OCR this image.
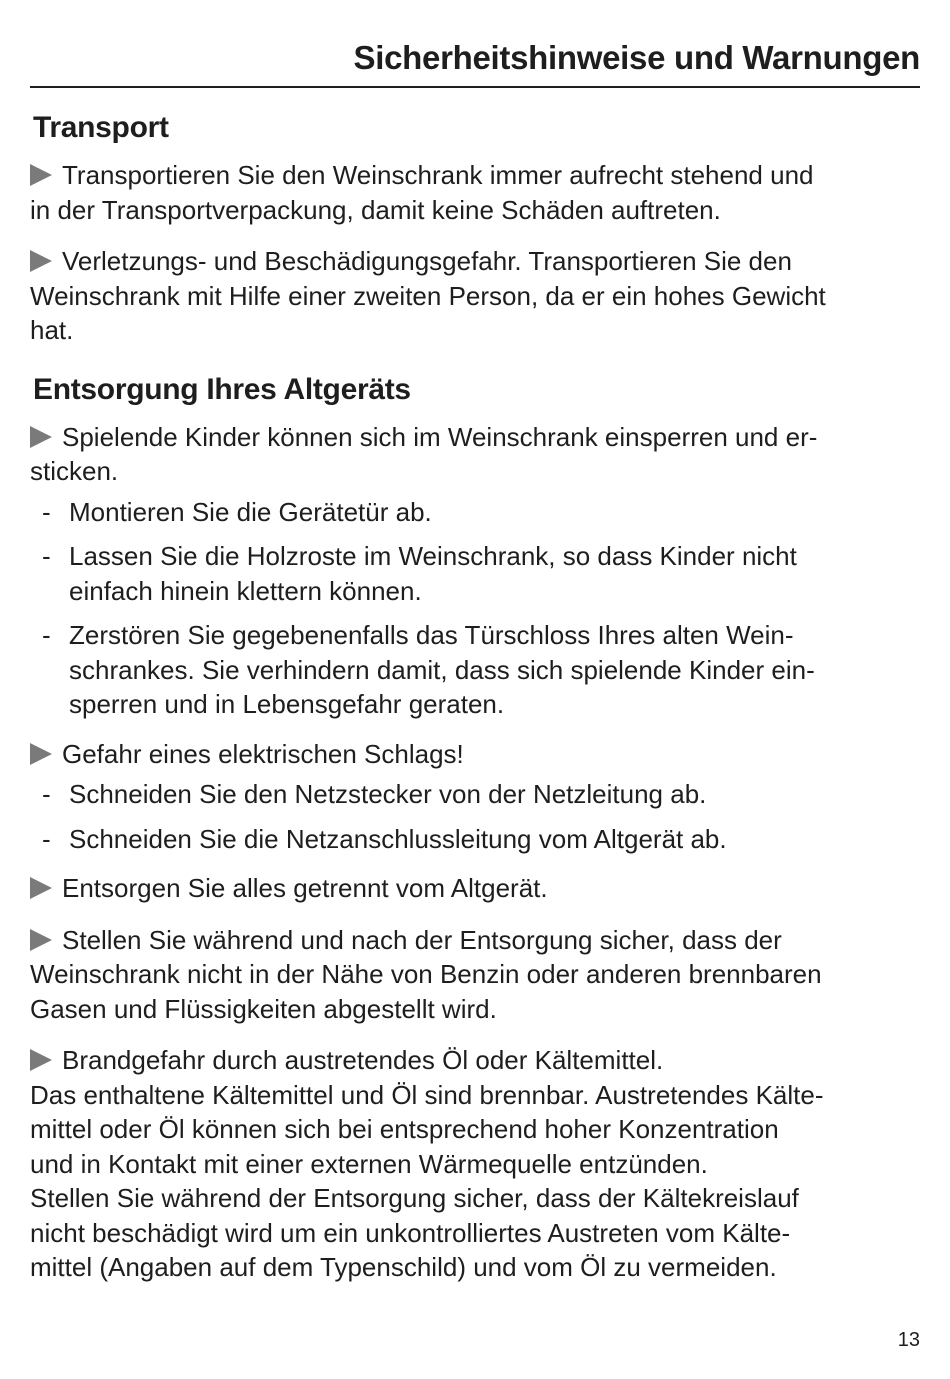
Sicherheitshinweise und Warnungen
Transport

Transportieren Sie den Weinschrank immer aufrecht stehend und
in der Transportverpackung, damit keine Schäden auftreten.

Verletzungs- und Beschädigungsgefahr. Transportieren Sie den
Weinschrank mit Hilfe einer zweiten Person, da er ein hohes Gewicht
hat.

Entsorgung Ihres Altgeräts

Spielende Kinder können sich im Weinschrank einsperren und er-
sticken.

- Montieren Sie die Gerätetür ab.
- Lassen Sie die Holzroste im Weinschrank, so dass Kinder nicht
einfach hinein klettern können.
- Zerstören Sie gegebenenfalls das Türschloss Ihres alten Wein-
schrankes. Sie verhindern damit, dass sich spielende Kinder ein-
sperren und in Lebensgefahr geraten.

Gefahr eines elektrischen Schlags!

- Schneiden Sie den Netzstecker von der Netzleitung ab.
- Schneiden Sie die Netzanschlussleitung vom Altgerät ab.

Entsorgen Sie alles getrennt vom Altgerät.

Stellen Sie während und nach der Entsorgung sicher, dass der
Weinschrank nicht in der Nähe von Benzin oder anderen brennbaren
Gasen und Flüssigkeiten abgestellt wird.

Brandgefahr durch austretendes Öl oder Kältemittel.
Das enthaltene Kältemittel und Öl sind brennbar. Austretendes Kälte-
mittel oder Öl können sich bei entsprechend hoher Konzentration
und in Kontakt mit einer externen Wärmequelle entzünden.
Stellen Sie während der Entsorgung sicher, dass der Kältekreislauf
nicht beschädigt wird um ein unkontrolliertes Austreten vom Kälte-
mittel (Angaben auf dem Typenschild) und vom Öl zu vermeiden.

13
